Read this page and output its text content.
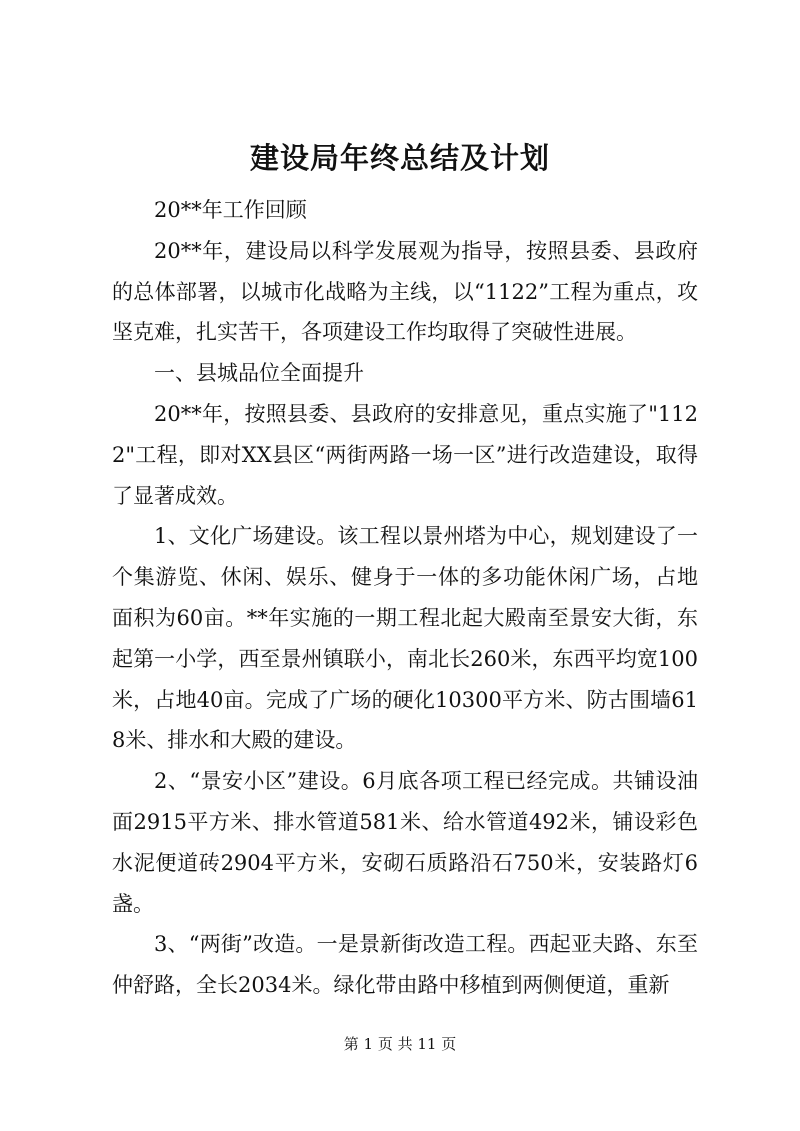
建设局年终总结及计划

20**年工作回顾

20**年，建设局以科学发展观为指导，按照县委、县政府的总体部署，以城市化战略为主线，以“1122”工程为重点，攻坚克难，扎实苦干，各项建设工作均取得了突破性进展。

一、县城品位全面提升

20**年，按照县委、县政府的安排意见，重点实施了"1122"工程，即对XX县区“两街两路一场一区”进行改造建设，取得了显著成效。

1、文化广场建设。该工程以景州塔为中心，规划建设了一个集游览、休闲、娱乐、健身于一体的多功能休闲广场，占地面积为60亩。**年实施的一期工程北起大殿南至景安大街，东起第一小学，西至景州镇联小，南北长260米，东西平均宽100米，占地40亩。完成了广场的硬化10300平方米、防古围墙618米、排水和大殿的建设。

2、“景安小区”建设。6月底各项工程已经完成。共铺设油面2915平方米、排水管道581米、给水管道492米，铺设彩色水泥便道砖2904平方米，安砌石质路沿石750米，安装路灯6盏。

3、“两街”改造。一是景新街改造工程。西起亚夫路、东至仲舒路，全长2034米。绿化带由路中移植到两侧便道，重新

第 1 页 共 11 页
